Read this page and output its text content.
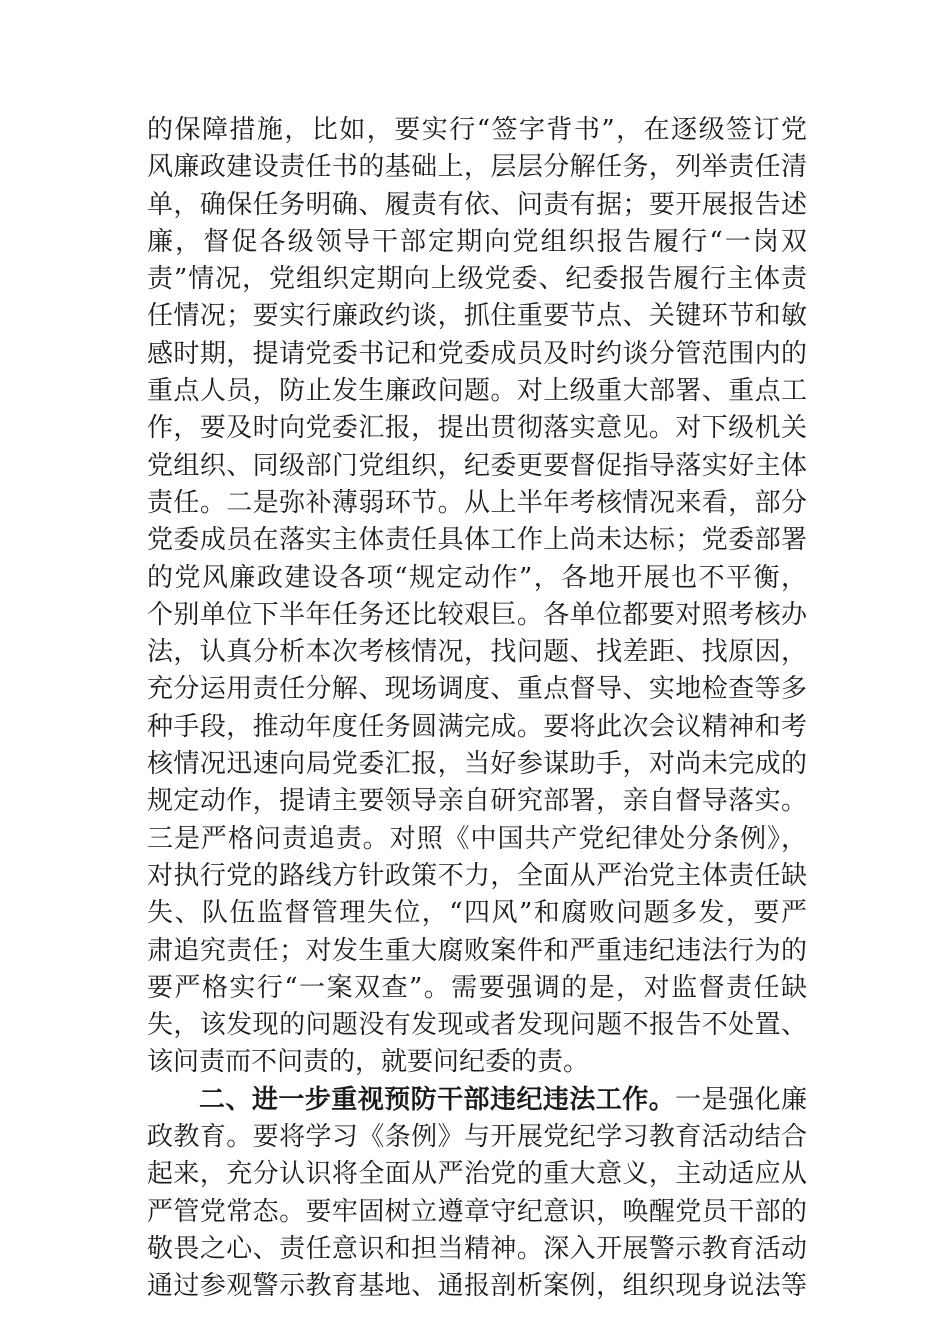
的保障措施，比如，要实行“签字背书”，在逐级签订党
风廉政建设责任书的基础上，层层分解任务，列举责任清
单，确保任务明确、履责有依、问责有据；要开展报告述
廉，督促各级领导干部定期向党组织报告履行“一岗双
责”情况，党组织定期向上级党委、纪委报告履行主体责
任情况；要实行廉政约谈，抓住重要节点、关键环节和敏
感时期，提请党委书记和党委成员及时约谈分管范围内的
重点人员，防止发生廉政问题。对上级重大部署、重点工
作，要及时向党委汇报，提出贯彻落实意见。对下级机关
党组织、同级部门党组织，纪委更要督促指导落实好主体
责任。二是弥补薄弱环节。从上半年考核情况来看，部分
党委成员在落实主体责任具体工作上尚未达标；党委部署
的党风廉政建设各项“规定动作”，各地开展也不平衡，
个别单位下半年任务还比较艰巨。各单位都要对照考核办
法，认真分析本次考核情况，找问题、找差距、找原因，
充分运用责任分解、现场调度、重点督导、实地检查等多
种手段，推动年度任务圆满完成。要将此次会议精神和考
核情况迅速向局党委汇报，当好参谋助手，对尚未完成的
规定动作，提请主要领导亲自研究部署，亲自督导落实。
三是严格问责追责。对照《中国共产党纪律处分条例》，
对执行党的路线方针政策不力，全面从严治党主体责任缺
失、队伍监督管理失位，“四风”和腐败问题多发，要严
肃追究责任；对发生重大腐败案件和严重违纪违法行为的
要严格实行“一案双查”。需要强调的是，对监督责任缺
失，该发现的问题没有发现或者发现问题不报告不处置、
该问责而不问责的，就要问纪委的责。
二、进一步重视预防干部违纪违法工作。一是强化廉
政教育。要将学习《条例》与开展党纪学习教育活动结合
起来，充分认识将全面从严治党的重大意义，主动适应从
严管党常态。要牢固树立遵章守纪意识，唤醒党员干部的
敬畏之心、责任意识和担当精神。深入开展警示教育活动
通过参观警示教育基地、通报剖析案例，组织现身说法等
